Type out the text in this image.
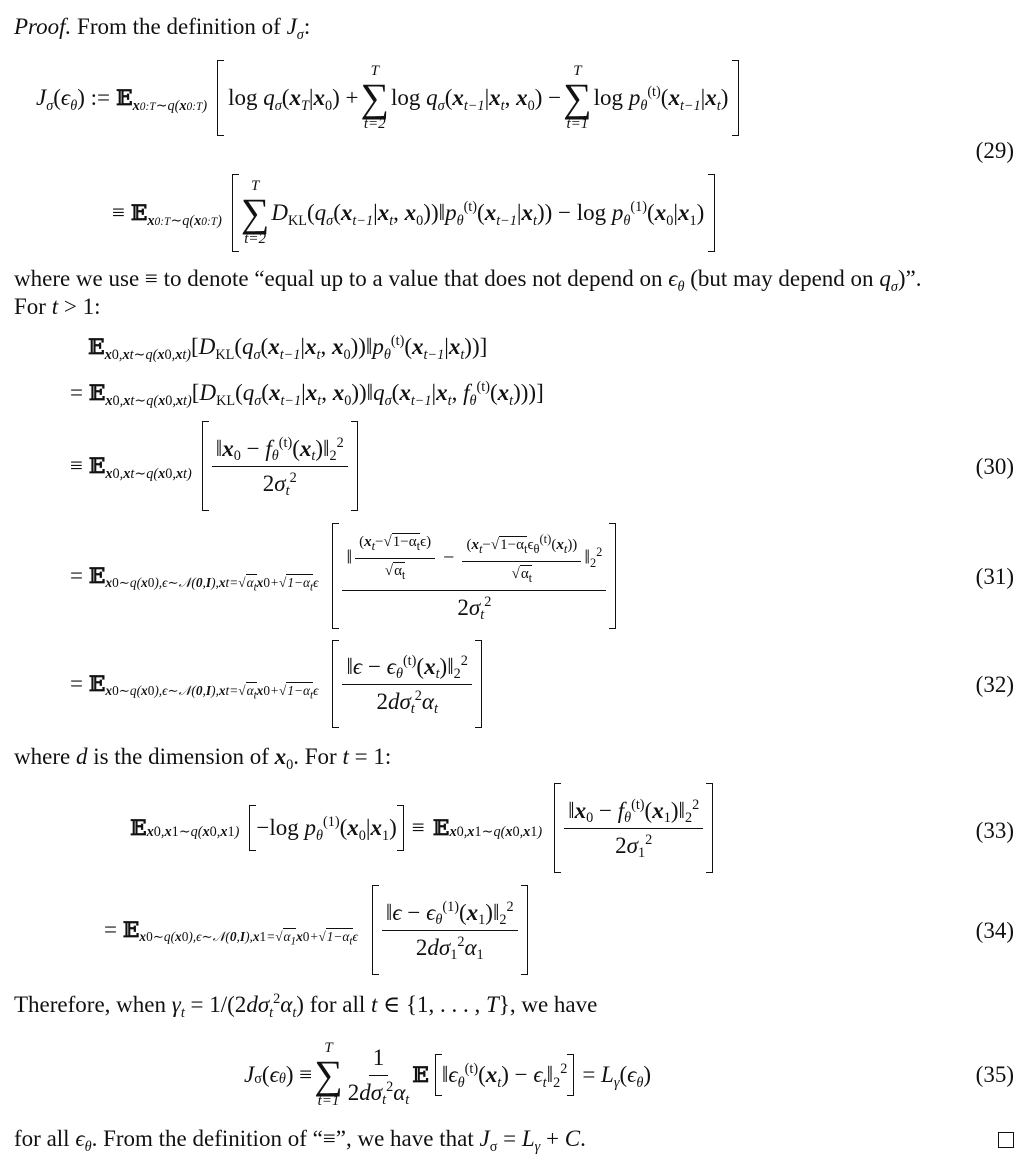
Proof. From the definition of $J_\sigma$:
$J_\sigma$ ( $\epsilon_\theta$ ) := 𝔼$_{x0:T\sim q(x0:T)}$ $\log q_\sigma(x_T|x_0)$ +
T
∑
t=2
$\log q_\sigma(x_{t-1}|x_t$, $x_0$) −
T
∑
t=1
$\log p_\theta^{(t)}(x_{t-1}|x_t)$
(29)
≡ 𝔼$_{x0:T\sim q(x0:T)}$
T
∑
t=2
$D_{KL}(q_\sigma(x_{t-1}|x_t$, $x_0))‖p_\theta^{(t)}(x_{t-1}|x_t)) - \log p_\theta^{(1)}(x_0|x_1)$
where we use ≡ to denote “equal up to a value that does not depend on $\epsilon_\theta$ (but may depend on $q_\sigma$)”.
For t > 1:
$𝔼_{x0,xt\sim q(x0,xt)}[D_{KL}(q_\sigma(x_{t-1}|x_t$, $x_0))‖p_\theta^{(t)}(x_{t-1}|x_t)$)]
= $𝔼_{x0,xt\sim q(x0,xt)}[D_{KL}(q_\sigma(x_{t-1}|x_t$, $x_0))‖q_\sigma(x_{t-1}|x_t$, $f_\theta^{(t)}(x_t)$))]
≡ 𝔼$_{x0,xt\sim q(x0,xt)}$ $\frac{‖x_0 - f_\theta^{(t)}(x_t)‖_2^2}{2\sigma_t^2}$	(30)
= 𝔼$_{x0\sim q(x0),\epsilon\sim 𝒩(0,I),xt=√\alpha_tx0+√1-\alpha_t\epsilon}$ $\frac{‖ \frac{(x_t-√1-\alpha_t\epsilon)}{√\alpha_t} - \frac{(x_t-√1-\alpha_t\epsilon_\theta^{(t)}(x_t))}{√\alpha_t} ‖_2^2}{2\sigma_t^2}$	(31)
= 𝔼$_{x0\sim q(x0),\epsilon\sim 𝒩(0,I),xt=√\alpha_tx0+√1-\alpha_t\epsilon}$ $\frac{‖\epsilon - \epsilon_\theta^{(t)}(x_t)‖_2^2}{2d\sigma_t^2\alpha_t}$	(32)
where d is the dimension of $x_0$. For t = 1:
𝔼 x0,x1∼q(x0,x1) −log $p_\theta^{(1)}(x_0|x_1)$ ≡ 𝔼 x0,x1∼q(x0,x1) $\frac{‖x_0 - f_\theta^{(t)}(x_1)‖_2^2}{2\sigma_1^2}$	(33)
= 𝔼$_{x0\sim q(x0),\epsilon\sim 𝒩(0,I),x1=√\alpha_1x0+√1-\alpha_t\epsilon}$ $\frac{‖\epsilon - \epsilon_\theta^{(1)}(x_1)‖_2^2}{2d\sigma_1^2\alpha_1}$	(34)
Therefore, when $\gamma_t = 1/(2d\sigma_t^2\alpha_t)$ for all t ∈ {1, . . . , T}, we have
J σ ( ϵ θ ) ≡
T
∑
$t=1 \frac{1}{2d\sigma_t^2\alpha_t}$ 𝔼 $‖\epsilon_\theta^{(t)}(x_t)$ − $\epsilon_t‖_2^2 = L_\gamma(\epsilon_\theta)$	(35)
for all $\epsilon_\theta$. From the definition of “≡”, we have that $J_\sigma = L_\gamma + C$.
